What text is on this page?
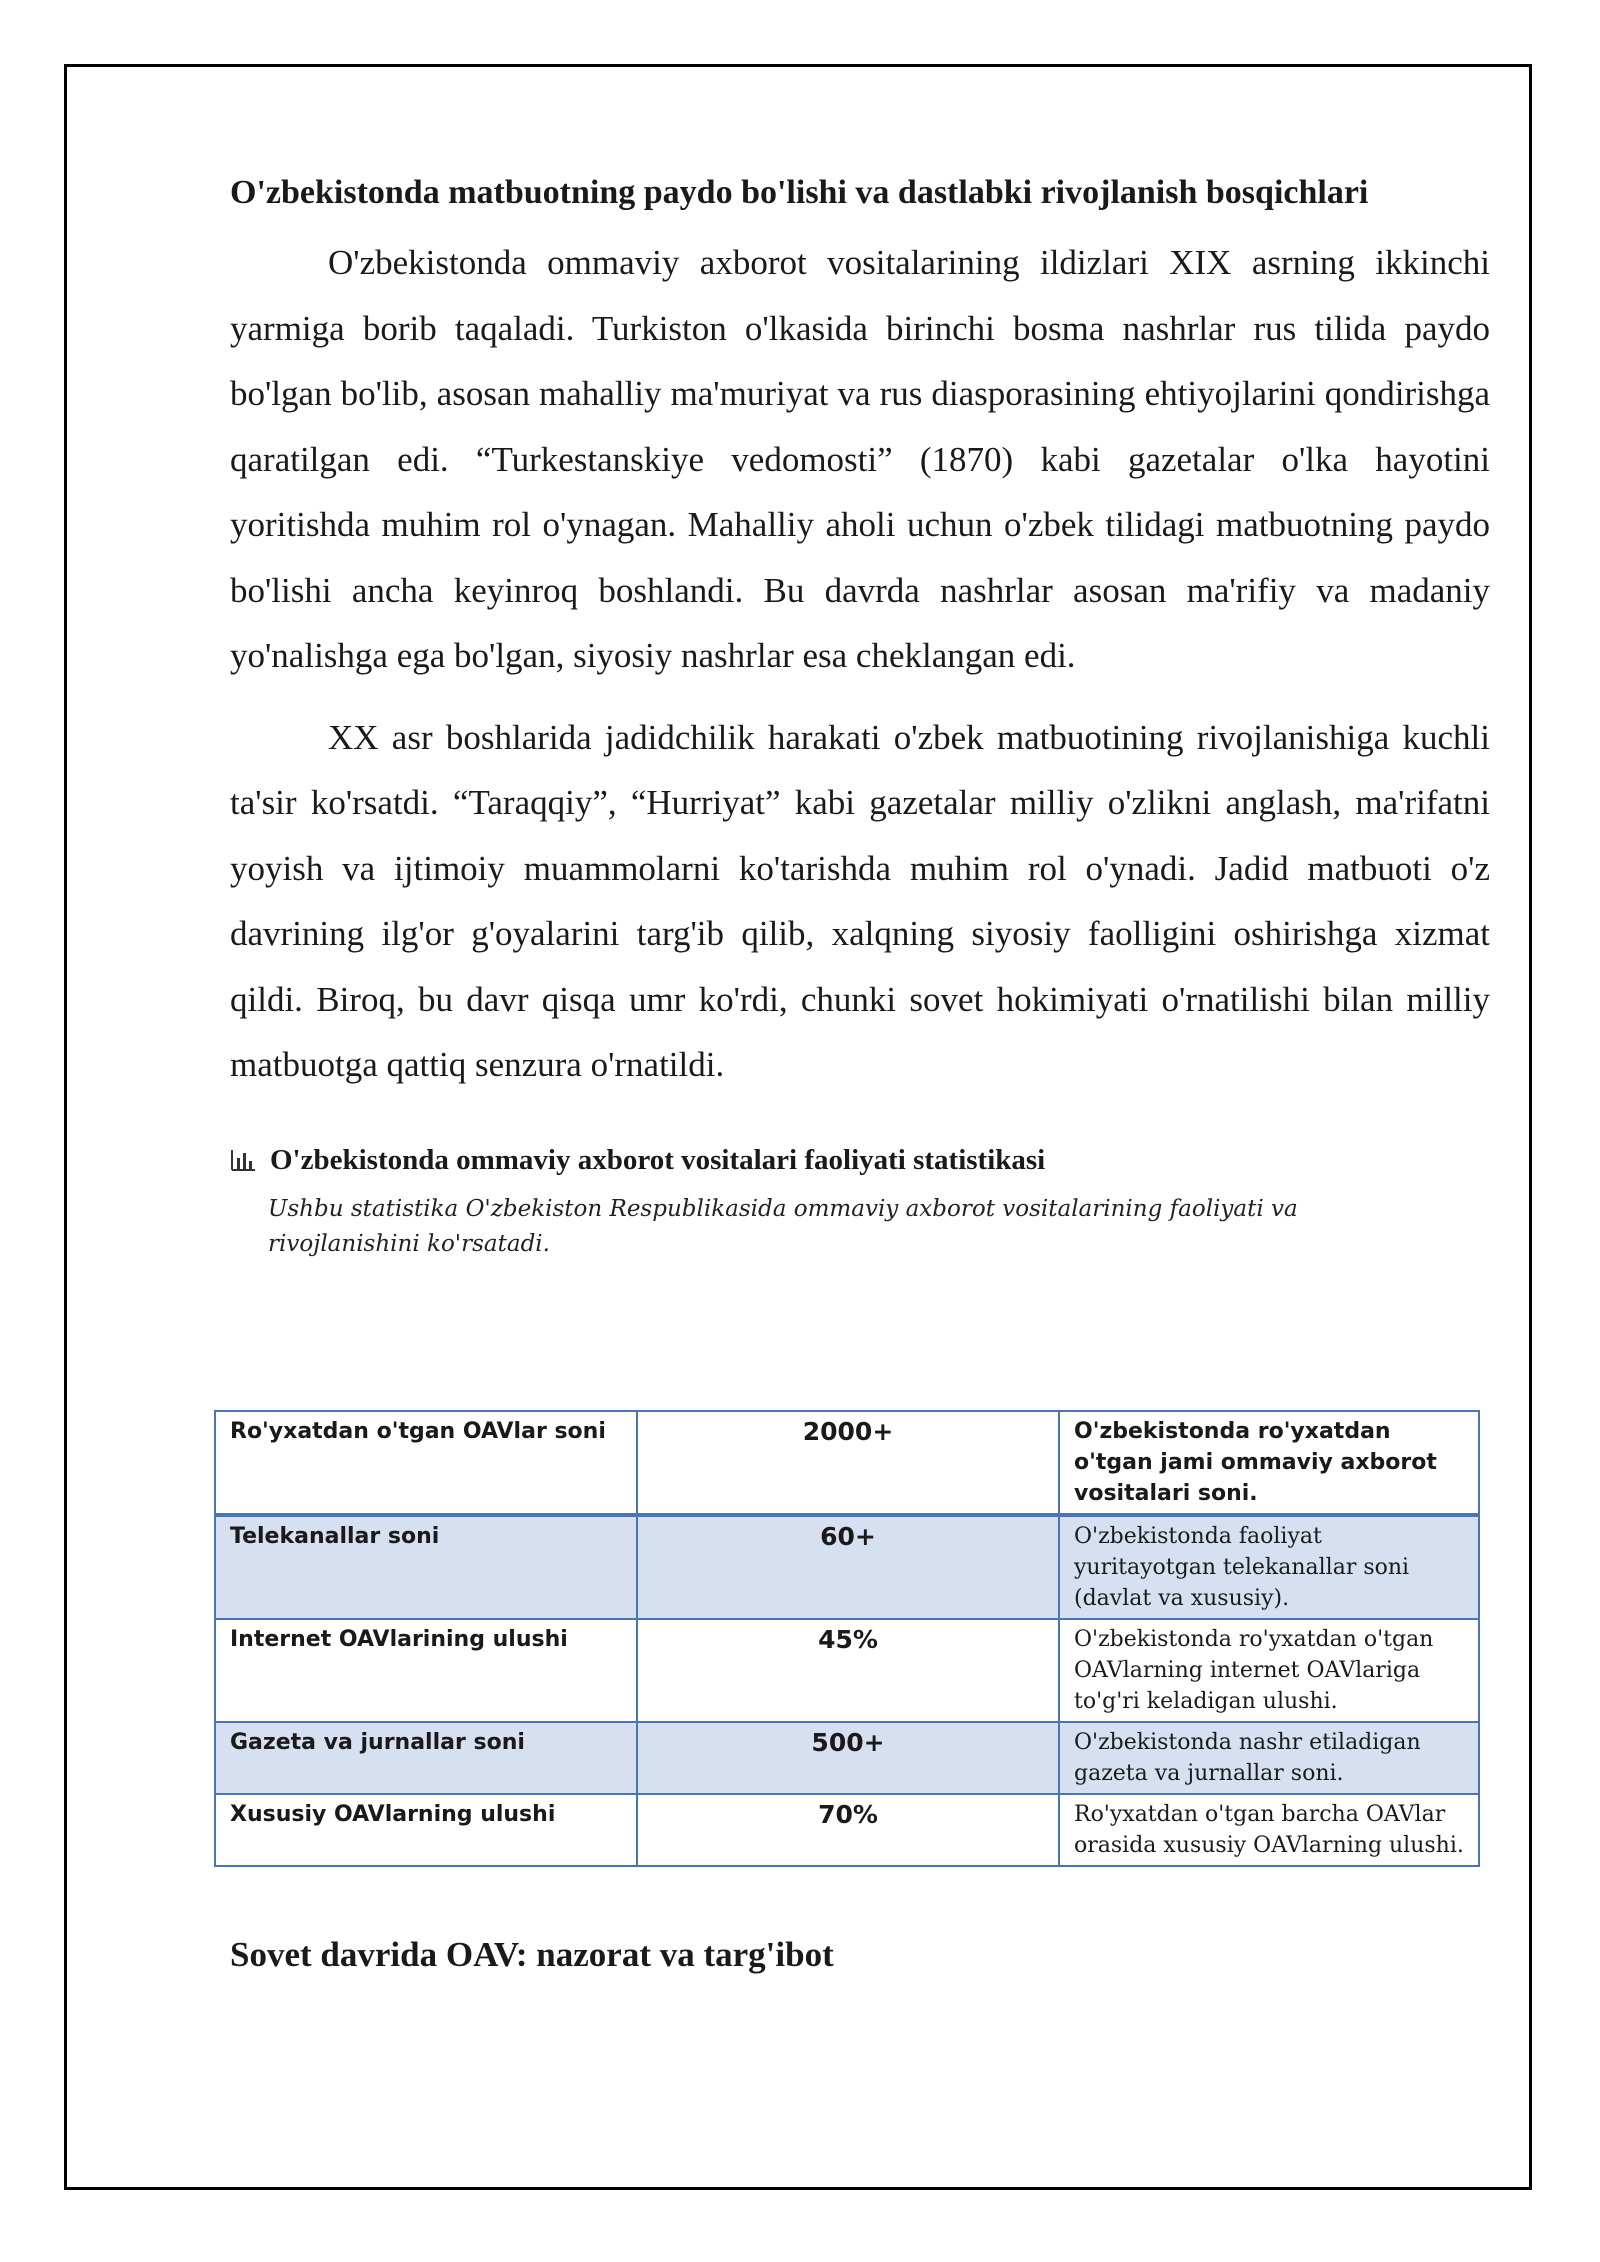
O'zbekistonda matbuotning paydo bo'lishi va dastlabki rivojlanish bosqichlari

O'zbekistonda ommaviy axborot vositalarining ildizlari XIX asrning ikkinchi yarmiga borib taqaladi. Turkiston o'lkasida birinchi bosma nashrlar rus tilida paydo bo'lgan bo'lib, asosan mahalliy ma'muriyat va rus diasporasining ehtiyojlarini qondirishga qaratilgan edi. “Turkestanskiye vedomosti” (1870) kabi gazetalar o'lka hayotini yoritishda muhim rol o'ynagan. Mahalliy aholi uchun o'zbek tilidagi matbuotning paydo bo'lishi ancha keyinroq boshlandi. Bu davrda nashrlar asosan ma'rifiy va madaniy yo'nalishga ega bo'lgan, siyosiy nashrlar esa cheklangan edi.

XX asr boshlarida jadidchilik harakati o'zbek matbuotining rivojlanishiga kuchli ta'sir ko'rsatdi. “Taraqqiy”, “Hurriyat” kabi gazetalar milliy o'zlikni anglash, ma'rifatni yoyish va ijtimoiy muammolarni ko'tarishda muhim rol o'ynadi. Jadid matbuoti o'z davrining ilg'or g'oyalarini targ'ib qilib, xalqning siyosiy faolligini oshirishga xizmat qildi. Biroq, bu davr qisqa umr ko'rdi, chunki sovet hokimiyati o'rnatilishi bilan milliy matbuotga qattiq senzura o'rnatildi.

O'zbekistonda ommaviy axborot vositalari faoliyati statistikasi
Ushbu statistika O'zbekiston Respublikasida ommaviy axborot vositalarining faoliyati va rivojlanishini ko'rsatadi.
Ro'yxatdan o'tgan OAVlar soni	2000+	O'zbekistonda ro'yxatdan o'tgan jami ommaviy axborot vositalari soni.
Telekanallar soni	60+	O'zbekistonda faoliyat yuritayotgan telekanallar soni (davlat va xususiy).
Internet OAVlarining ulushi	45%	O'zbekistonda ro'yxatdan o'tgan OAVlarning internet OAVlariga to'g'ri keladigan ulushi.
Gazeta va jurnallar soni	500+	O'zbekistonda nashr etiladigan gazeta va jurnallar soni.
Xususiy OAVlarning ulushi	70%	Ro'yxatdan o'tgan barcha OAVlar orasida xususiy OAVlarning ulushi.
Sovet davrida OAV: nazorat va targ'ibot
